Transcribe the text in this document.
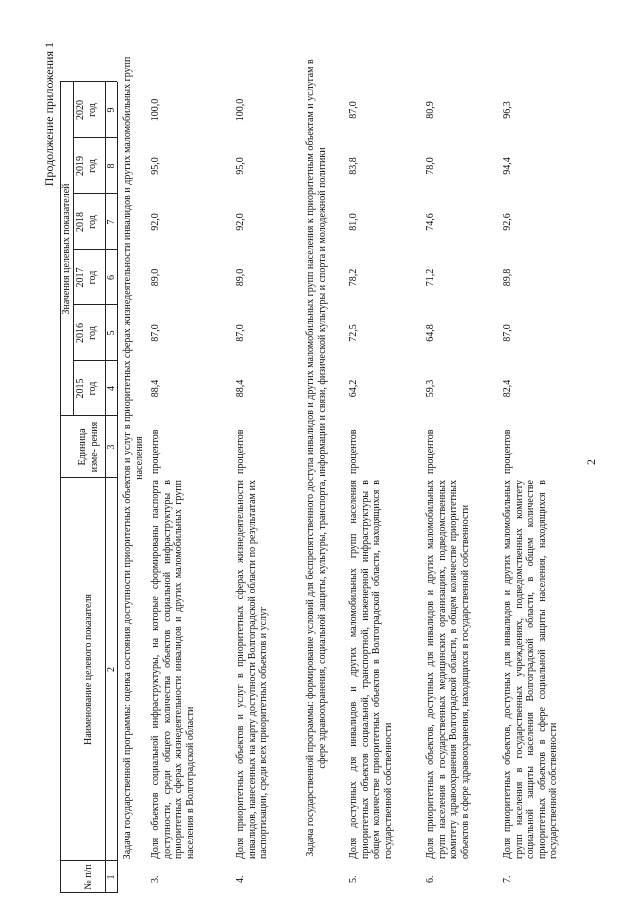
2
Продолжение приложения 1
№ п/п
Наименование целевого показателя
Единица изме- рения
Значения целевых показателей
2015 год
2016 год
2017 год
2018 год
2019 год
2020 год
1
2
3
4
5
6
7
8
9 Задача государственной программы: оценка состояния доступности приоритетных объектов и услуг в приоритетных сферах жизнедеятельности инвалидов и других маломобильных групп населения
3.
Доля объектов социальной инфраструктуры, на которые сформированы паспорта доступности, среди общего количества объектов социальной инфраструктуры в приоритетных сферах жизнедеятельности инвалидов и других маломобильных групп населения в Волгоградской области
процентов
88,4
87,0
89,0
92,0
95,0
100,0
4.
Доля приоритетных объектов и услуг в приоритетных сферах жизнедеятельности инвалидов, нанесенных на карту доступности Волгоградской области по результатам их паспортизации, среди всех приоритетных объектов и услуг
процентов
88,4
87,0
89,0
92,0
95,0
100,0	Задача государственной программы: формирование условий для беспрепятственного доступа инвалидов и других маломобильных групп населения к приоритетным объектам и услугам в сфере здравоохранения, социальной защиты, культуры, транспорта, информации и связи, физической культуры и спорта и молодежной политики
5.
Доля доступных для инвалидов и других маломобильных групп населения приоритетных объектов социальной, транспортной, инженерной инфраструктуры в общем количестве приоритетных объектов в Волгоградской области, находящихся в государственной собственности
процентов
64,2
72,5
78,2
81,0
83,8
87,0
6.
Доля приоритетных объектов, доступных для инвалидов и других маломобильных групп населения в государственных медицинских организациях, подведомственных комитету здравоохранения Волгоградской области, в общем количестве приоритетных объектов в сфере здравоохранения, находящихся в государственной собственности
процентов
59,3
64,8
71,2
74,6
78,0
80,9
7.
Доля приоритетных объектов, доступных для инвалидов и других маломобильных групп населения в государственных учреждениях, подведомственных комитету социальной защиты населения Волгоградской области, в общем количестве приоритетных объектов в сфере социальной защиты населения, находящихся в государственной собственности
процентов
82,4
87,0
89,8
92,6
94,4
96,3
